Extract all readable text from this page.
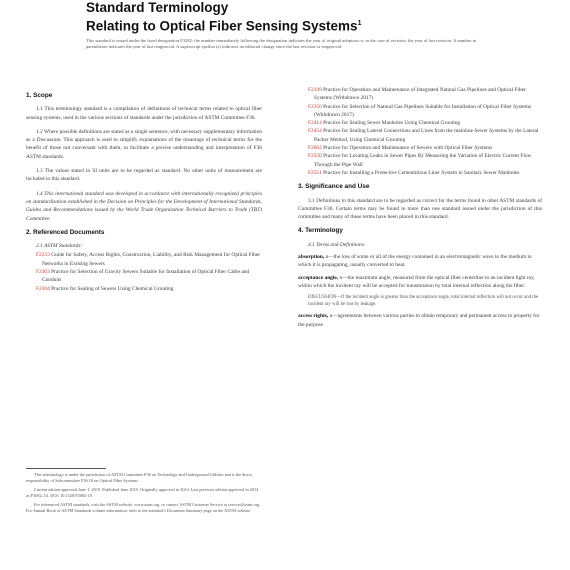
Standard Terminology
Relating to Optical Fiber Sensing Systems$^1$
This standard is issued under the fixed designation F3282; the number immediately following the designation indicates the year of original adoption or, in the case of revision, the year of last revision. A number in parentheses indicates the year of last reapproval. A superscript epsilon (ε) indicates an editorial change since the last revision or reapproval.
1. Scope

1.1 This terminology standard is a compilation of definitions of technical terms related to optical fiber sensing systems, used in the various sections of standards under the jurisdiction of ASTM Committee F36.

1.2 Where possible definitions are stated as a single sentence, with necessary supplementary information as a Discussion. This approach is used to simplify explanations of the meanings of technical terms for the benefit of those not conversant with them, to facilitate a precise understanding and interpretation of F36 ASTM standards.

1.3 The values stated in SI units are to be regarded as standard. No other units of measurement are included in this standard.

1.4 This international standard was developed in accordance with internationally recognized principles on standardization established in the Decision on Principles for the Development of International Standards, Guides and Recommendations issued by the World Trade Organization Technical Barriers to Trade (TBT) Committee.

2. Referenced Documents
2.1 ASTM Standards:
F2233 Guide for Safety, Access Rights, Construction, Liability, and Risk Management for Optical Fiber Networks in Existing Sewers
F2303 Practice for Selection of Gravity Sewers Suitable for Installation of Optical Fiber Cable and Conduits
F2304 Practice for Sealing of Sewers Using Chemical Grouting
F2349 Practice for Operation and Maintenance of Integrated Natural Gas Pipelines and Optical Fiber Systems (Withdrawn 2017)
F2350 Practice for Selection of Natural Gas Pipelines Suitable for Installation of Optical Fiber Systems (Withdrawn 2017)
F2414 Practice for Sealing Sewer Manholes Using Chemical Grouting
F2454 Practice for Sealing Lateral Connections and Lines from the mainline Sewer Systems by the Lateral Packer Method, Using Chemical Grouting
F2662 Practice for Operation and Maintenance of Sewers with Optical Fiber Systems
F2550 Practice for Locating Leaks in Sewer Pipes By Measuring the Variation of Electric Current Flow Through the Pipe Wall
F2551 Practice for Installing a Protective Cementitious Liner System in Sanitary Sewer Manholes
3. Significance and Use

3.1 Definitions in this standard are to be regarded as correct for the terms found in other ASTM standards of Committee F36. Certain terms may be found in more than one standard issued under the jurisdiction of this committee and many of these terms have been placed in this standard.

4. Terminology
4.1 Terms and Definitions:

absorption, n—the loss of some or all of the energy contained in an electromagnetic wave to the medium in which it is propagating, usually converted to heat.

acceptance angle, n—the maximum angle, measured from the optical fiber centerline to an incident light ray, within which the incident ray will be accepted for transmission by total internal reflection along the fiber.

DISCUSSION—If the incident angle is greater than the acceptance angle, total internal reflection will not occur and the incident ray will be lost by leakage.

access rights, n—agreements between various parties to obtain temporary and permanent access to property for the purpose

This terminology is under the jurisdiction of ASTM Committee F36 on Technology and Underground Utilities and is the direct responsibility of Subcommittee F36.10 on Optical Fiber Systems.

Current edition approved June 1, 2019. Published June 2019. Originally approved in 2014. Last previous edition approved in 2014 as F3082–14. DOI: 10.1520/F3082-19.

For referenced ASTM standards, visit the ASTM website, www.astm.org, or contact ASTM Customer Service at service@astm.org. For Annual Book of ASTM Standards volume information, refer to the standard's Document Summary page on the ASTM website.
